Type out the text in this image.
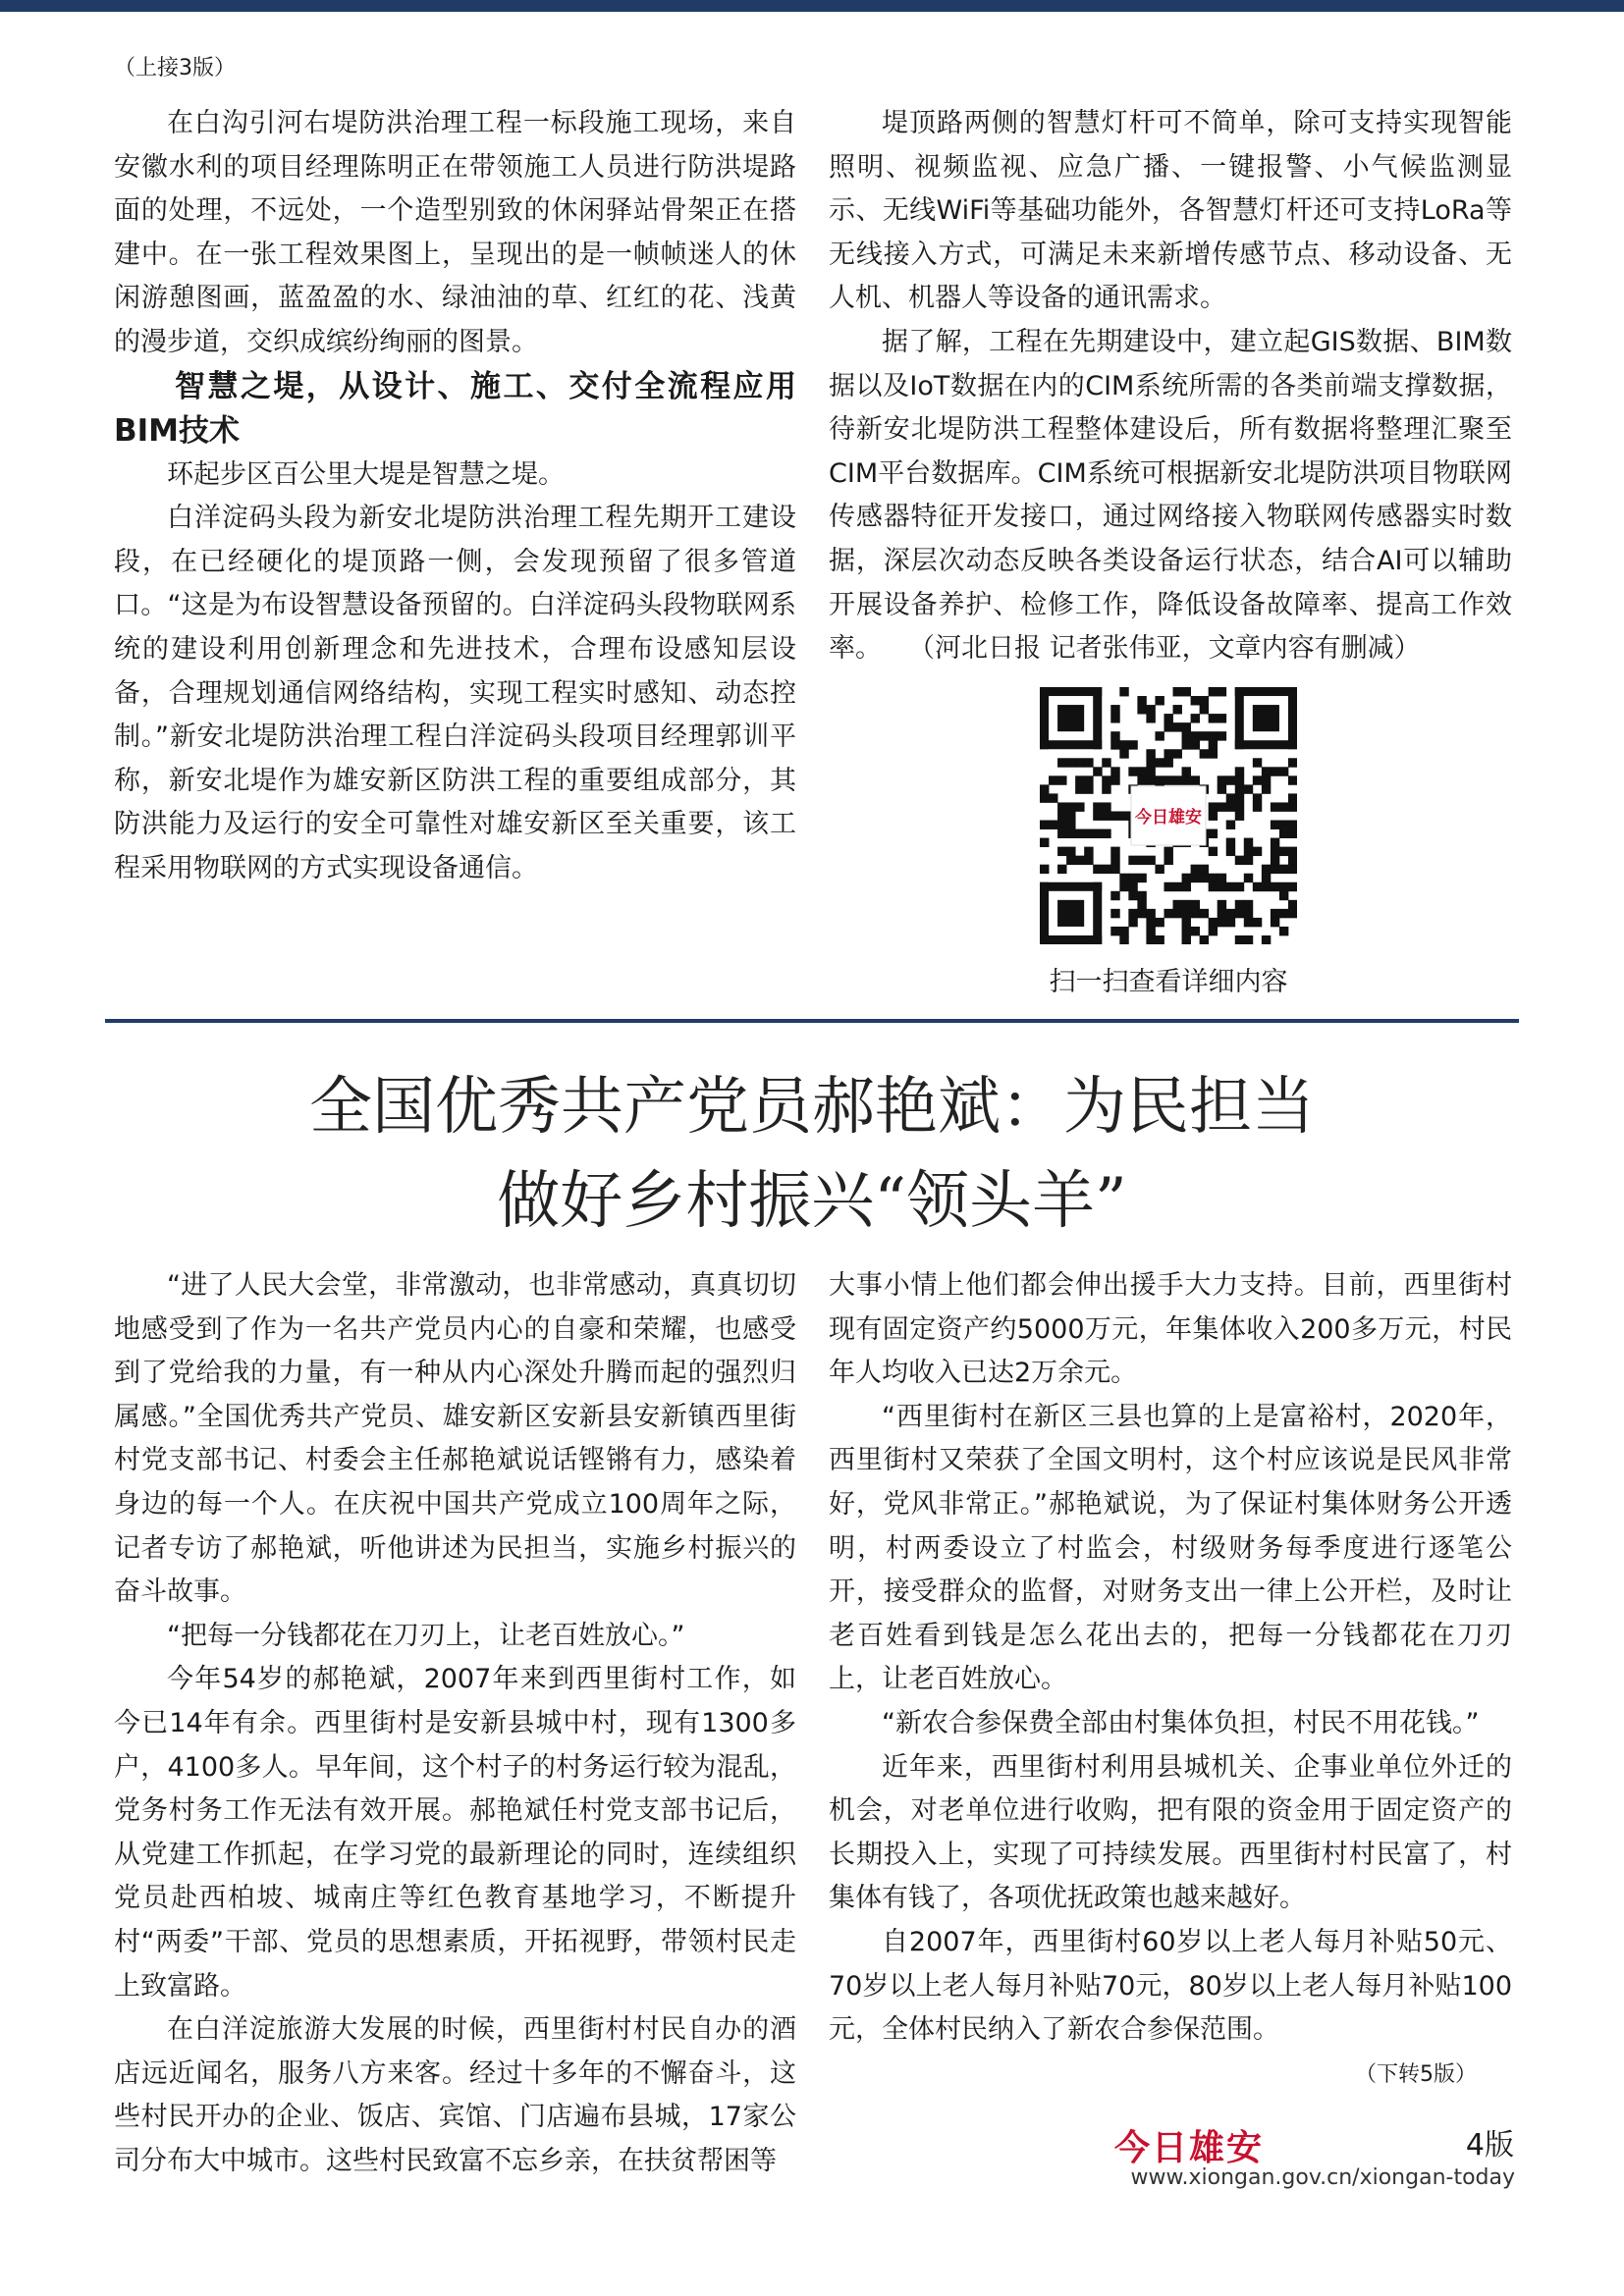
（上接3版）

在白沟引河右堤防洪治理工程一标段施工现场，来自安徽水利的项目经理陈明正在带领施工人员进行防洪堤路面的处理，不远处，一个造型别致的休闲驿站骨架正在搭建中。在一张工程效果图上，呈现出的是一帧帧迷人的休闲游憩图画，蓝盈盈的水、绿油油的草、红红的花、浅黄的漫步道，交织成缤纷绚丽的图景。

智慧之堤，从设计、施工、交付全流程应用BIM技术

环起步区百公里大堤是智慧之堤。

白洋淀码头段为新安北堤防洪治理工程先期开工建设段，在已经硬化的堤顶路一侧，会发现预留了很多管道口。“这是为布设智慧设备预留的。白洋淀码头段物联网系统的建设利用创新理念和先进技术，合理布设感知层设备，合理规划通信网络结构，实现工程实时感知、动态控制。”新安北堤防洪治理工程白洋淀码头段项目经理郭训平称，新安北堤作为雄安新区防洪工程的重要组成部分，其防洪能力及运行的安全可靠性对雄安新区至关重要，该工程采用物联网的方式实现设备通信。

堤顶路两侧的智慧灯杆可不简单，除可支持实现智能照明、视频监视、应急广播、一键报警、小气候监测显示、无线WiFi等基础功能外，各智慧灯杆还可支持LoRa等无线接入方式，可满足未来新增传感节点、移动设备、无人机、机器人等设备的通讯需求。

据了解，工程在先期建设中，建立起GIS数据、BIM数据以及IoT数据在内的CIM系统所需的各类前端支撑数据，待新安北堤防洪工程整体建设后，所有数据将整理汇聚至CIM平台数据库。CIM系统可根据新安北堤防洪项目物联网传感器特征开发接口，通过网络接入物联网传感器实时数据，深层次动态反映各类设备运行状态，结合AI可以辅助开展设备养护、检修工作，降低设备故障率、提高工作效率。　　 （河北日报 记者张伟亚，文章内容有删减）

今日雄安
扫一扫查看详细内容
全国优秀共产党员郝艳斌：为民担当
做好乡村振兴“领头羊”

“进了人民大会堂，非常激动，也非常感动，真真切切地感受到了作为一名共产党员内心的自豪和荣耀，也感受到了党给我的力量，有一种从内心深处升腾而起的强烈归属感。”全国优秀共产党员、雄安新区安新县安新镇西里街村党支部书记、村委会主任郝艳斌说话铿锵有力，感染着身边的每一个人。在庆祝中国共产党成立100周年之际，记者专访了郝艳斌，听他讲述为民担当，实施乡村振兴的奋斗故事。

“把每一分钱都花在刀刃上，让老百姓放心。”

今年54岁的郝艳斌，2007年来到西里街村工作，如今已14年有余。西里街村是安新县城中村，现有1300多户，4100多人。早年间，这个村子的村务运行较为混乱，党务村务工作无法有效开展。郝艳斌任村党支部书记后，从党建工作抓起，在学习党的最新理论的同时，连续组织党员赴西柏坡、城南庄等红色教育基地学习，不断提升村“两委”干部、党员的思想素质，开拓视野，带领村民走上致富路。

在白洋淀旅游大发展的时候，西里街村村民自办的酒店远近闻名，服务八方来客。经过十多年的不懈奋斗，这些村民开办的企业、饭店、宾馆、门店遍布县城，17家公司分布大中城市。这些村民致富不忘乡亲，在扶贫帮困等

大事小情上他们都会伸出援手大力支持。目前，西里街村现有固定资产约5000万元，年集体收入200多万元，村民年人均收入已达2万余元。

“西里街村在新区三县也算的上是富裕村，2020年，西里街村又荣获了全国文明村，这个村应该说是民风非常好，党风非常正。”郝艳斌说，为了保证村集体财务公开透明，村两委设立了村监会，村级财务每季度进行逐笔公开，接受群众的监督，对财务支出一律上公开栏，及时让老百姓看到钱是怎么花出去的，把每一分钱都花在刀刃上，让老百姓放心。

“新农合参保费全部由村集体负担，村民不用花钱。”

近年来，西里街村利用县城机关、企事业单位外迁的机会，对老单位进行收购，把有限的资金用于固定资产的长期投入上，实现了可持续发展。西里街村村民富了，村集体有钱了，各项优抚政策也越来越好。

自2007年，西里街村60岁以上老人每月补贴50元、70岁以上老人每月补贴70元，80岁以上老人每月补贴100元，全体村民纳入了新农合参保范围。

（下转5版）
今日雄安	4版
www.xiongan.gov.cn/xiongan-today
